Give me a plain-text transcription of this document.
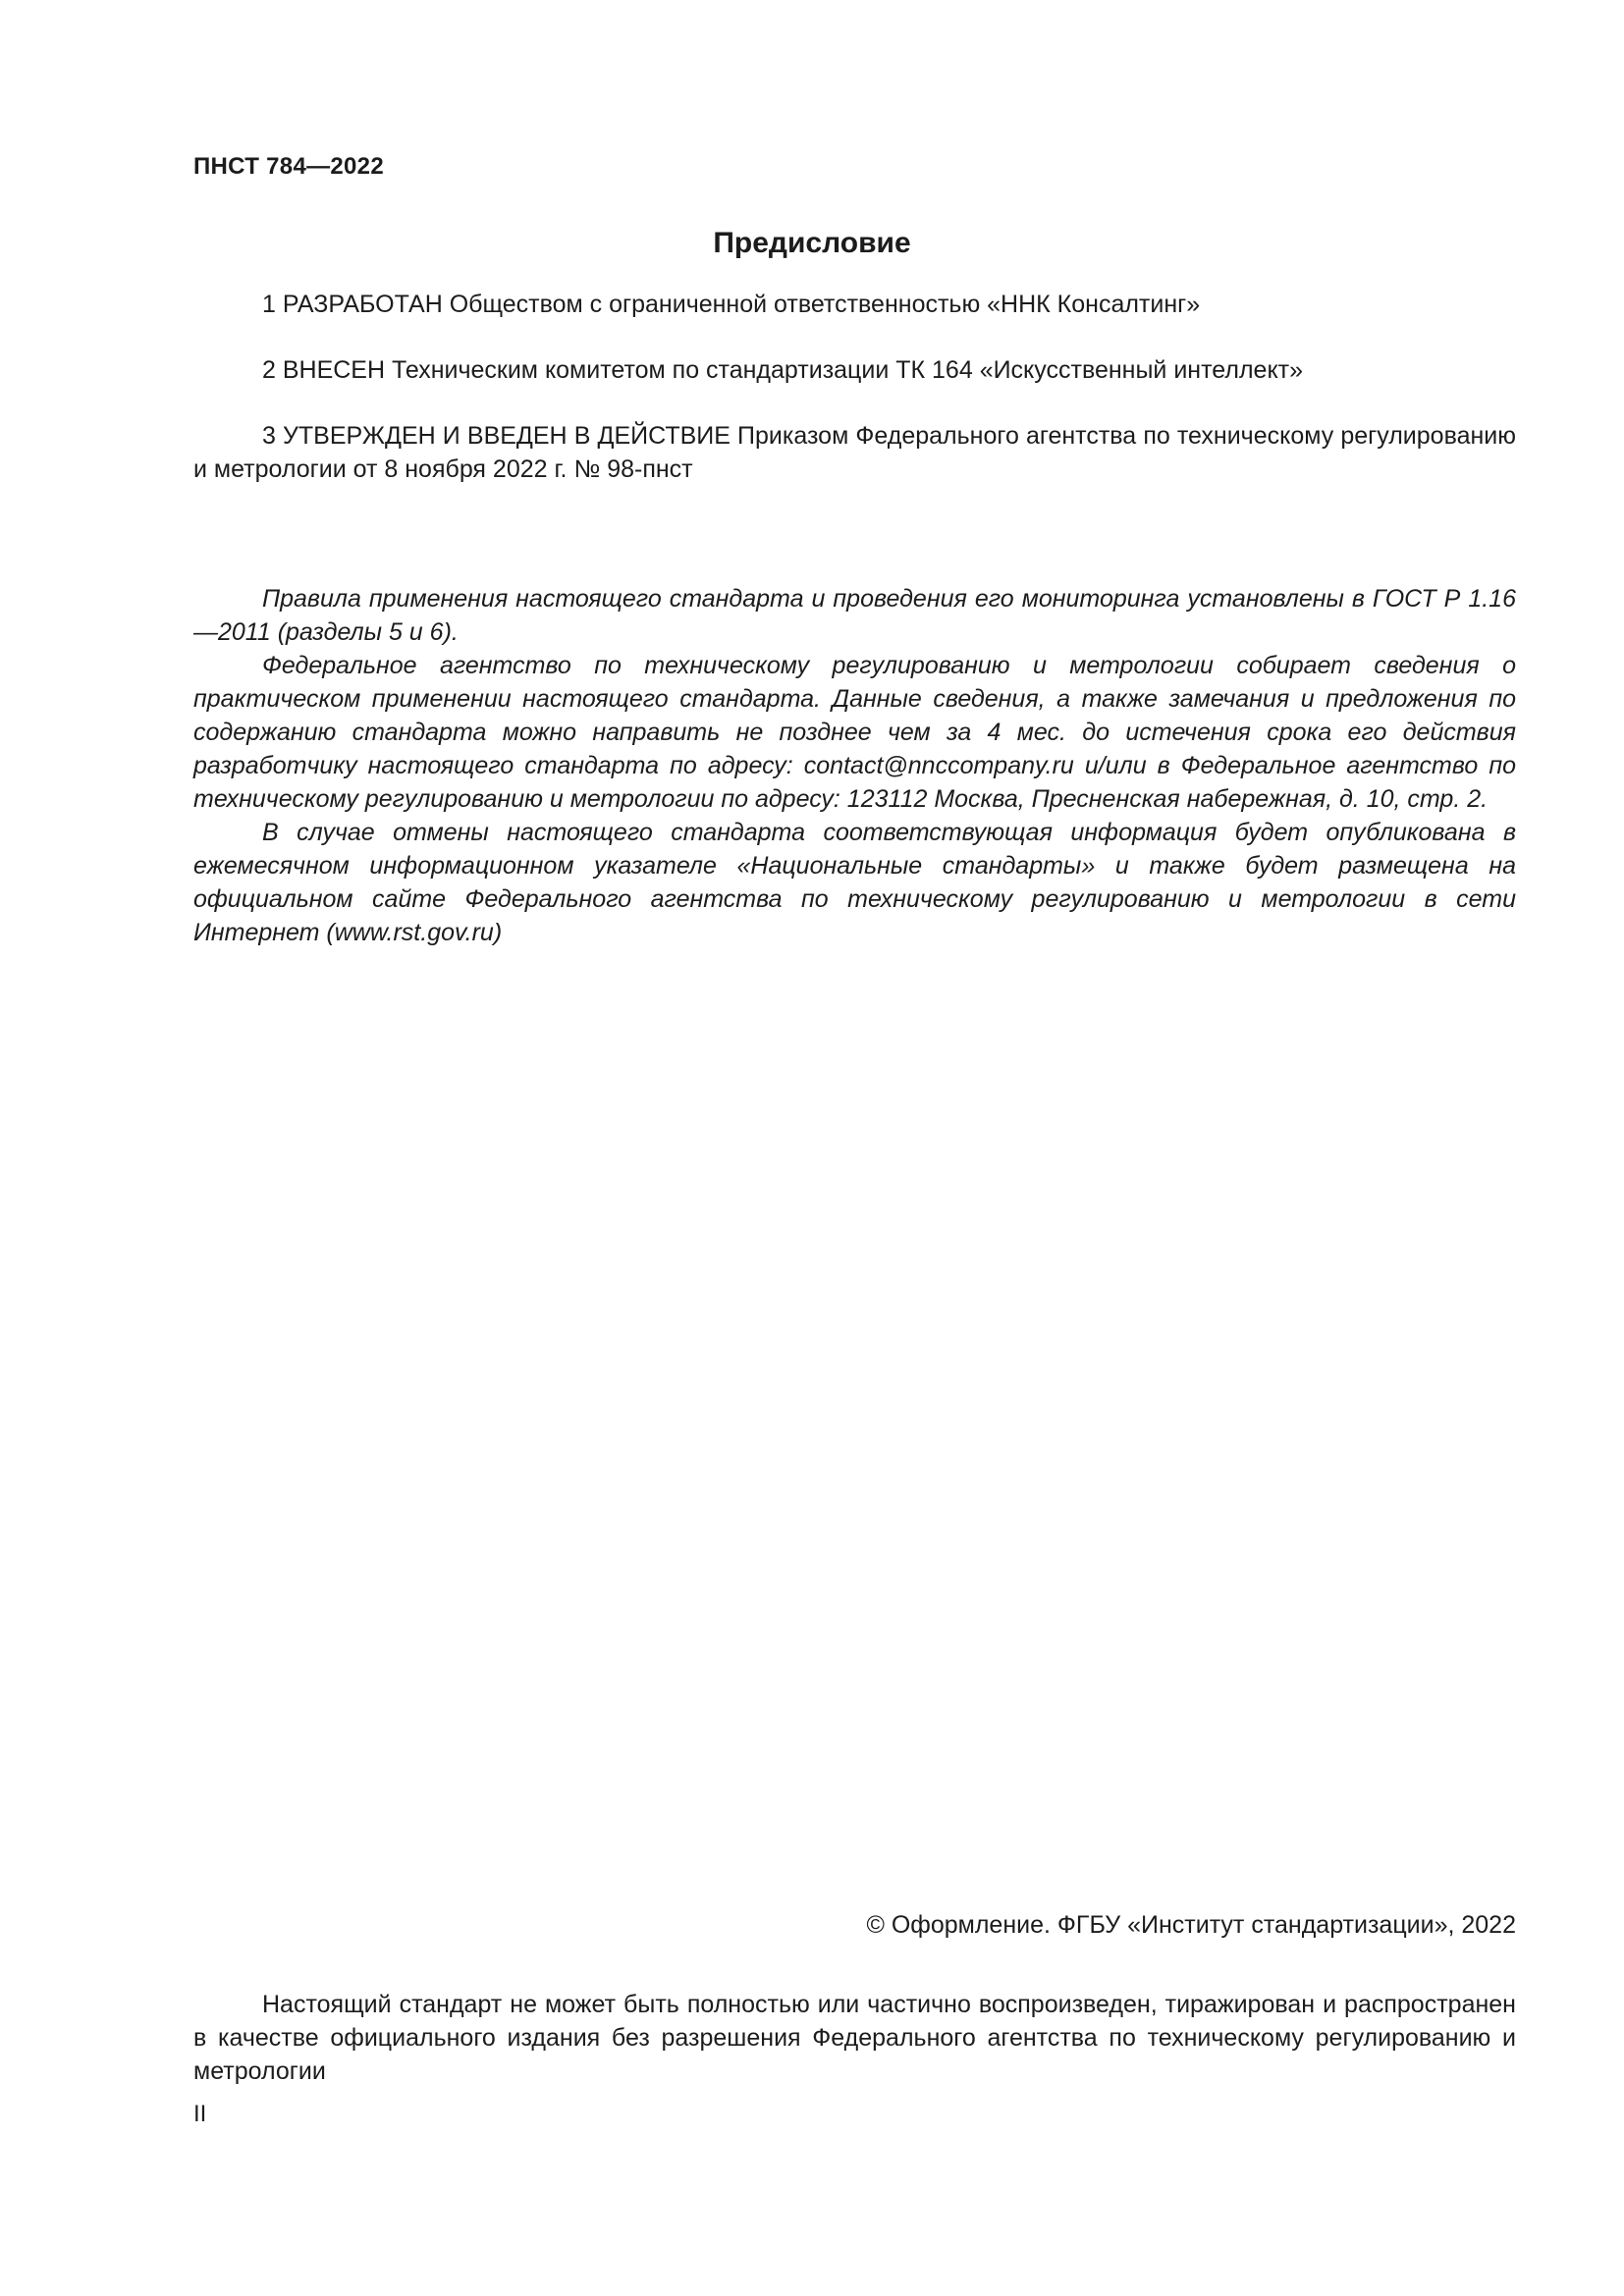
ПНСТ 784—2022
Предисловие
1 РАЗРАБОТАН Обществом с ограниченной ответственностью «ННК Консалтинг»
2 ВНЕСЕН Техническим комитетом по стандартизации ТК 164 «Искусственный интеллект»
3 УТВЕРЖДЕН И ВВЕДЕН В ДЕЙСТВИЕ Приказом Федерального агентства по техническому регулированию и метрологии от 8 ноября 2022 г. № 98-пнст

Правила применения настоящего стандарта и проведения его мониторинга установлены в ГОСТ Р 1.16—2011 (разделы 5 и 6).

Федеральное агентство по техническому регулированию и метрологии собирает сведения о практическом применении настоящего стандарта. Данные сведения, а также замечания и предложения по содержанию стандарта можно направить не позднее чем за 4 мес. до истечения срока его действия разработчику настоящего стандарта по адресу: contact@nnccompany.ru и/или в Федеральное агентство по техническому регулированию и метрологии по адресу: 123112 Москва, Пресненская набережная, д. 10, стр. 2.

В случае отмены настоящего стандарта соответствующая информация будет опубликована в ежемесячном информационном указателе «Национальные стандарты» и также будет размещена на официальном сайте Федерального агентства по техническому регулированию и метрологии в сети Интернет (www.rst.gov.ru)

© Оформление. ФГБУ «Институт стандартизации», 2022
Настоящий стандарт не может быть полностью или частично воспроизведен, тиражирован и распространен в качестве официального издания без разрешения Федерального агентства по техническому регулированию и метрологии
II
